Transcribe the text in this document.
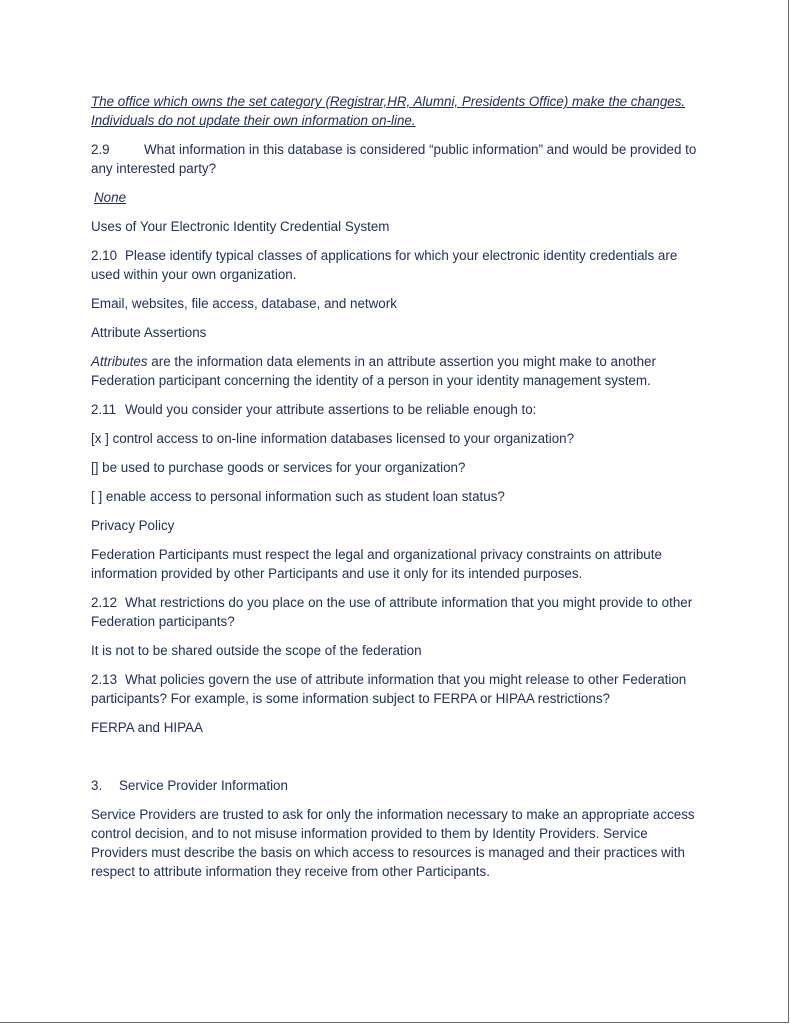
The office which owns the set category (Registrar,HR, Alumni, Presidents Office) make the changes.
Individuals do not update their own information on-line.

2.9	What information in this database is considered “public information” and would be provided to any interested party?

None

Uses of Your Electronic Identity Credential System

2.10 Please identify typical classes of applications for which your electronic identity credentials are used within your own organization.

Email, websites, file access, database, and network

Attribute Assertions

Attributes are the information data elements in an attribute assertion you might make to another Federation participant concerning the identity of a person in your identity management system.

2.11 Would you consider your attribute assertions to be reliable enough to:

[x ] control access to on-line information databases licensed to your organization?

[] be used to purchase goods or services for your organization?

[ ] enable access to personal information such as student loan status?

Privacy Policy

Federation Participants must respect the legal and organizational privacy constraints on attribute information provided by other Participants and use it only for its intended purposes.

2.12 What restrictions do you place on the use of attribute information that you might provide to other Federation participants?

It is not to be shared outside the scope of the federation

2.13 What policies govern the use of attribute information that you might release to other Federation participants? For example, is some information subject to FERPA or HIPAA restrictions?

FERPA and HIPAA

3. Service Provider Information

Service Providers are trusted to ask for only the information necessary to make an appropriate access control decision, and to not misuse information provided to them by Identity Providers. Service Providers must describe the basis on which access to resources is managed and their practices with respect to attribute information they receive from other Participants.
